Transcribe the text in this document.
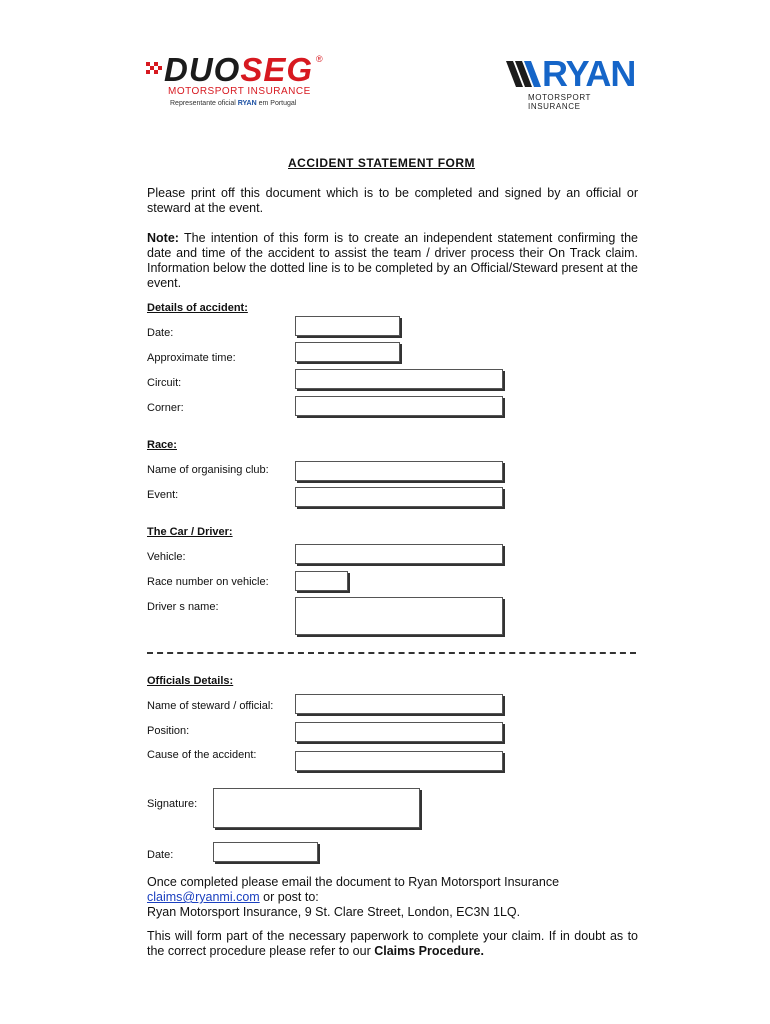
DUOSEG ®
MOTORSPORT INSURANCE
Representante oficial RYAN em Portugal
RYAN
MOTORSPORT INSURANCE
ACCIDENT STATEMENT FORM
Please print off this document which is to be completed and signed by an official or steward at the event.
Note: The intention of this form is to create an independent statement confirming the date and time of the accident to assist the team / driver process their On Track claim. Information below the dotted line is to be completed by an Official/Steward present at the event.
Details of accident:
Date:
Approximate time:
Circuit:
Corner:
Race:
Name of organising club:
Event:
The Car / Driver:
Vehicle:
Race number on vehicle:
Driver s name:
Officials Details:
Name of steward / official:
Position:
Cause of the accident:
Signature:
Date:
Once completed please email the document to Ryan Motorsport Insurance
claims@ryanmi.com or post to:
Ryan Motorsport Insurance, 9 St. Clare Street, London, EC3N 1LQ.
This will form part of the necessary paperwork to complete your claim. If in doubt as to the correct procedure please refer to our Claims Procedure.
